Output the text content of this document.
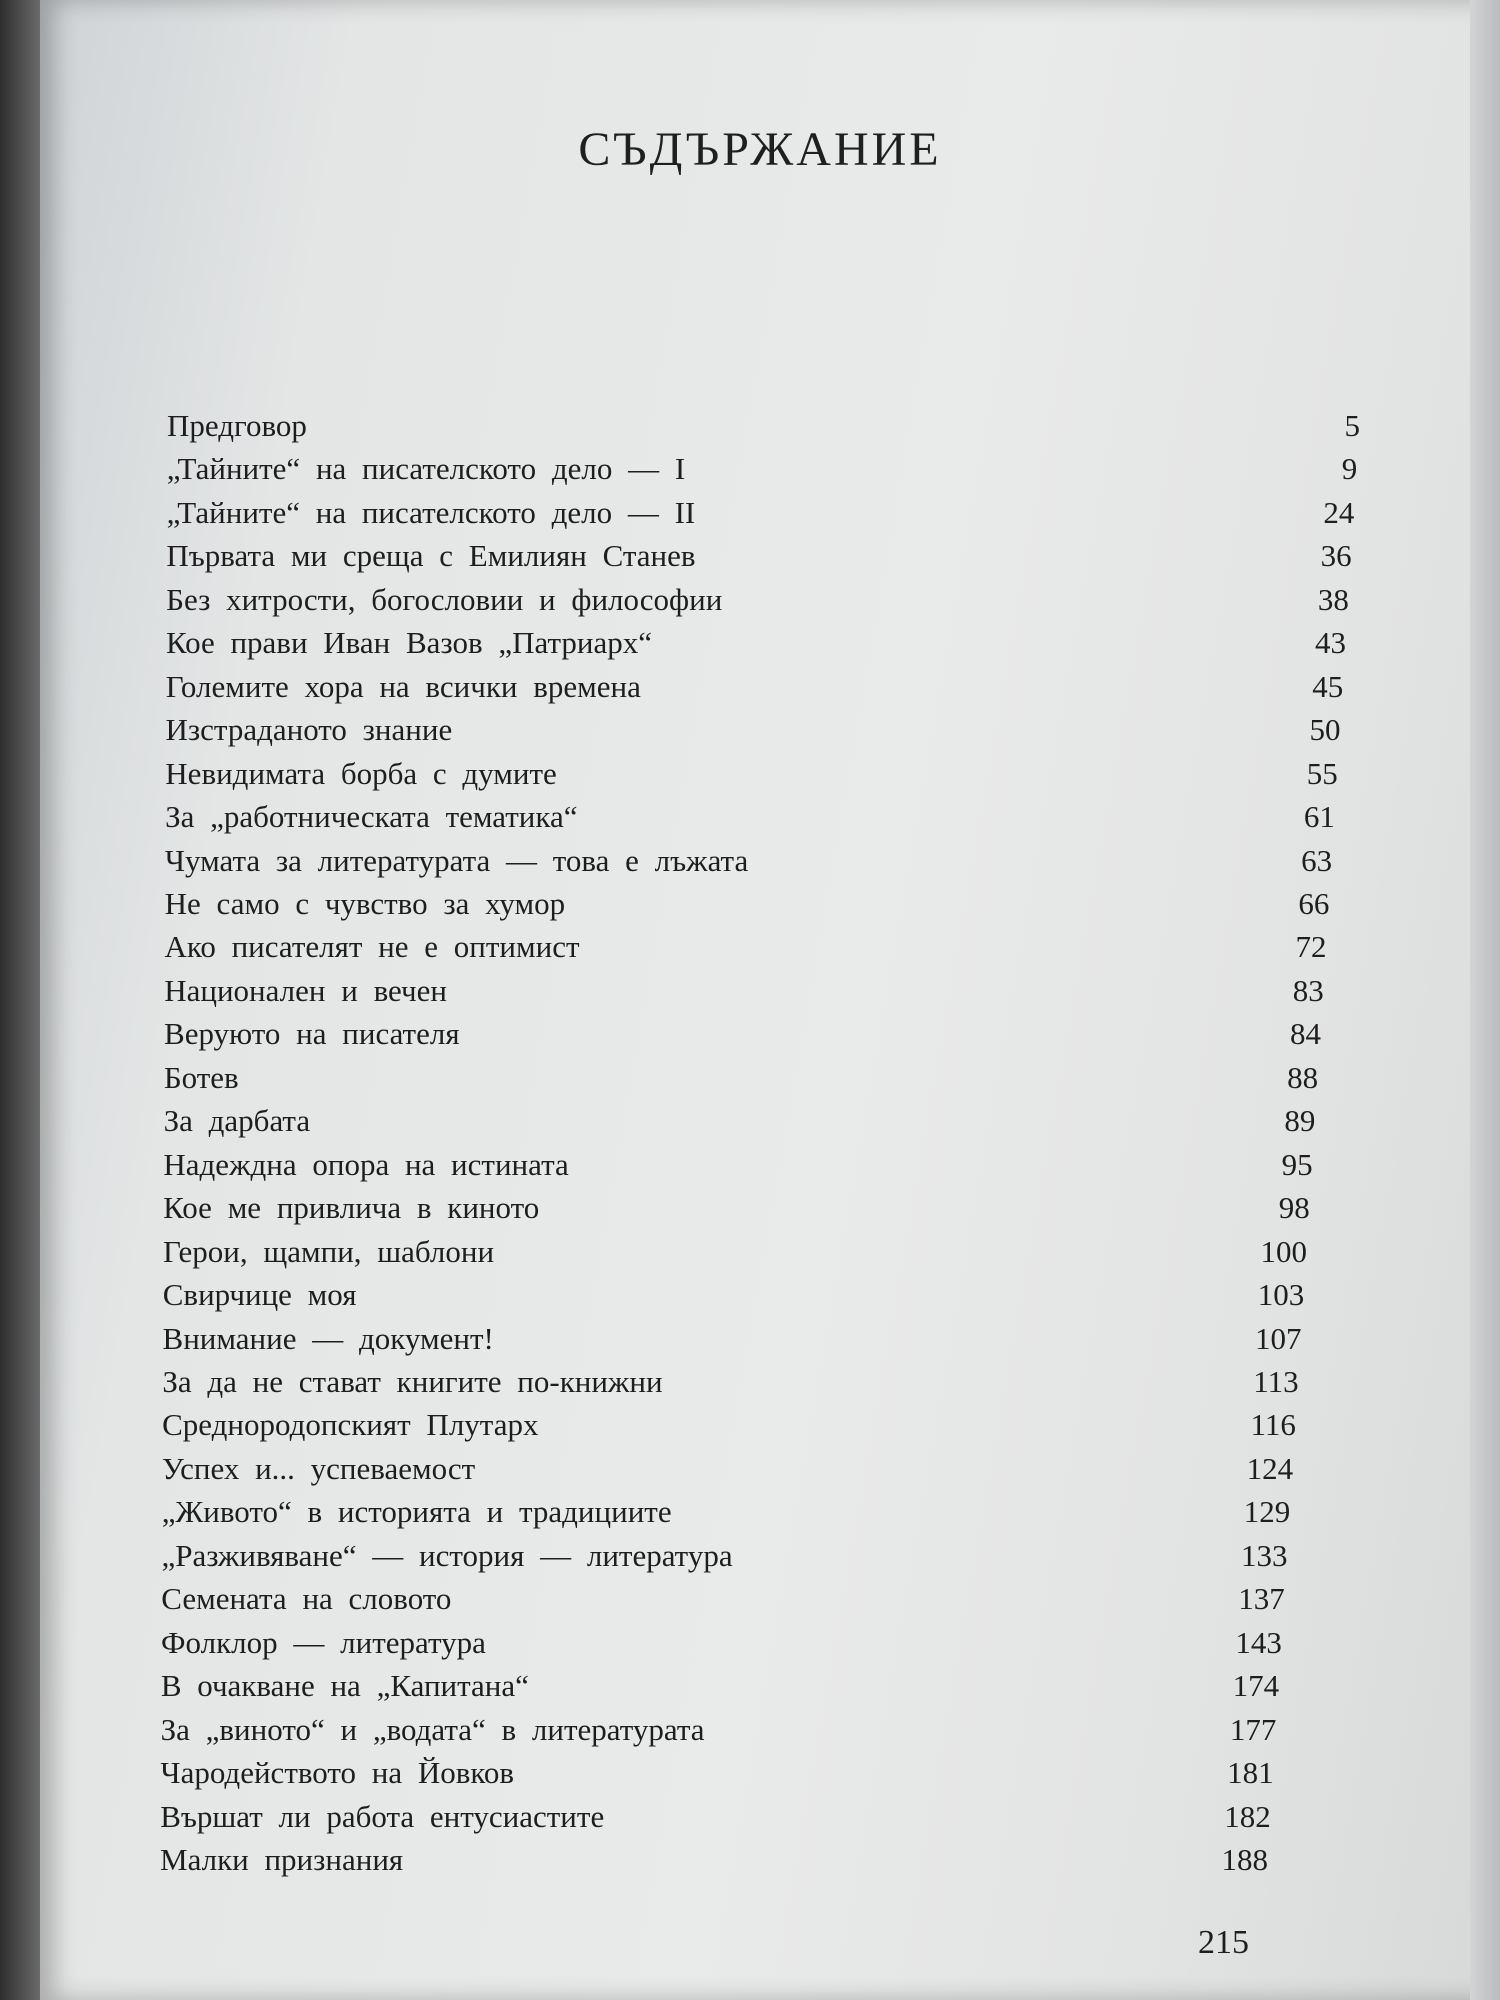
СЪДЪРЖАНИЕ
Предговор	5
„Тайните“ на писателското дело — I	9
„Тайните“ на писателското дело — II	24
Първата ми среща с Емилиян Станев	36
Без хитрости, богословии и философии	38
Кое прави Иван Вазов „Патриарх“	43
Големите хора на всички времена	45
Изстраданото знание	50
Невидимата борба с думите	55
За „работническата тематика“	61
Чумата за литературата — това е лъжата	63
Не само с чувство за хумор	66
Ако писателят не е оптимист	72
Национален и вечен	83
Веруюто на писателя	84
Ботев	88
За дарбата	89
Надеждна опора на истината	95
Кое ме привлича в киното	98
Герои, щампи, шаблони	100
Свирчице моя	103
Внимание — документ!	107
За да не стават книгите по-книжни	113
Среднородопският Плутарх	116
Успех и... успеваемост	124
„Живото“ в историята и традициите	129
„Разживяване“ — история — литература	133
Семената на словото	137
Фолклор — литература	143
В очакване на „Капитана“	174
За „виното“ и „водата“ в литературата	177
Чародейството на Йовков	181
Вършат ли работа ентусиастите	182
Малки признания	188
215
